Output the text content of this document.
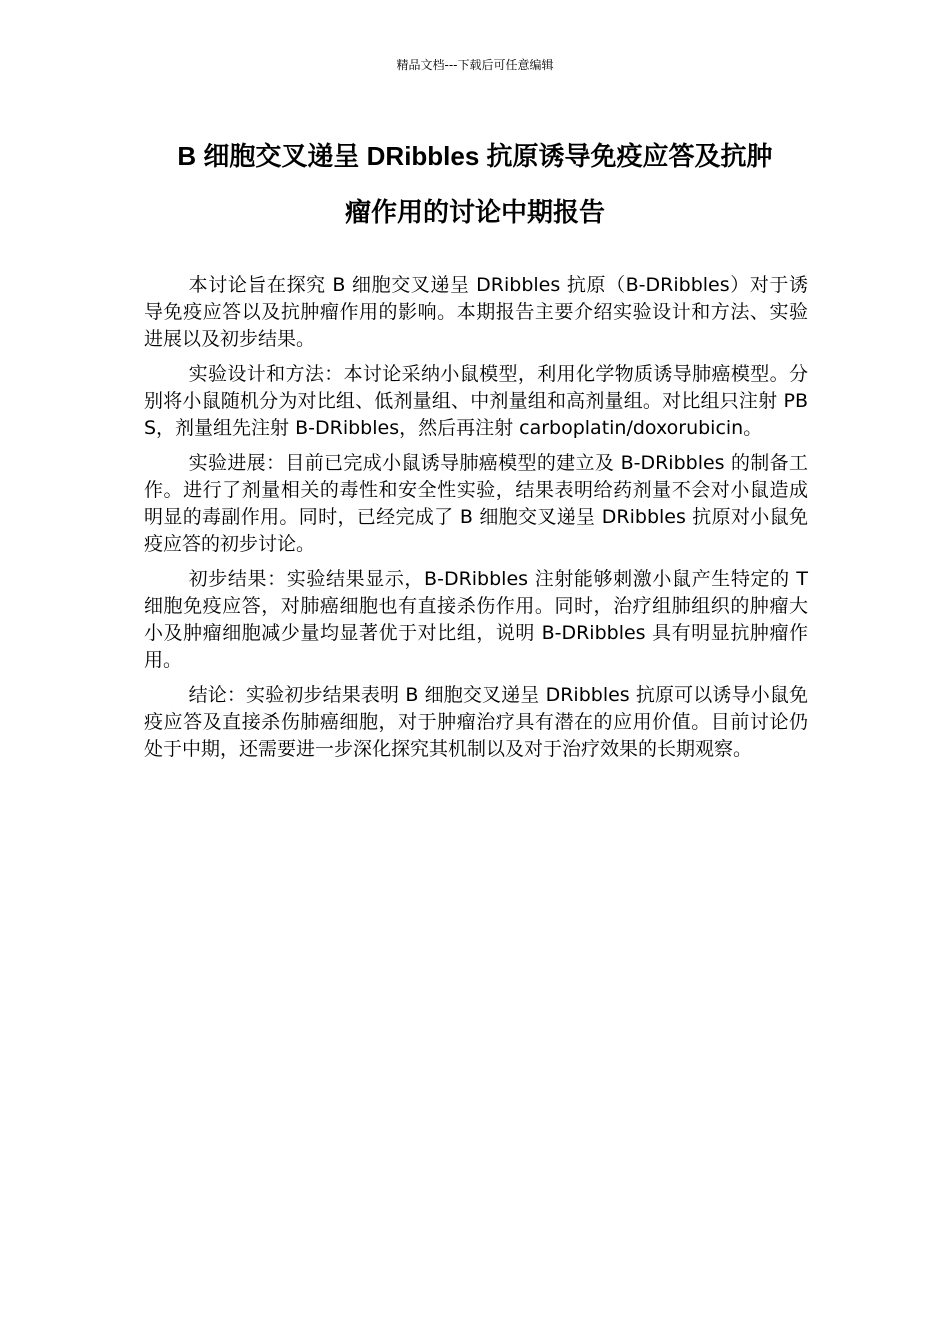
精品文档---下载后可任意编辑
B 细胞交叉递呈 DRibbles 抗原诱导免疫应答及抗肿
瘤作用的讨论中期报告

本讨论旨在探究 B 细胞交叉递呈 DRibbles 抗原（B-DRibbles）对于诱导免疫应答以及抗肿瘤作用的影响。本期报告主要介绍实验设计和方法、实验进展以及初步结果。

实验设计和方法：本讨论采纳小鼠模型，利用化学物质诱导肺癌模型。分别将小鼠随机分为对比组、低剂量组、中剂量组和高剂量组。对比组只注射 PBS，剂量组先注射 B-DRibbles，然后再注射 carboplatin/doxorubicin。

实验进展：目前已完成小鼠诱导肺癌模型的建立及 B-DRibbles 的制备工作。进行了剂量相关的毒性和安全性实验，结果表明给药剂量不会对小鼠造成明显的毒副作用。同时，已经完成了 B 细胞交叉递呈 DRibbles 抗原对小鼠免疫应答的初步讨论。

初步结果：实验结果显示，B-DRibbles 注射能够刺激小鼠产生特定的 T 细胞免疫应答，对肺癌细胞也有直接杀伤作用。同时，治疗组肺组织的肿瘤大小及肿瘤细胞减少量均显著优于对比组，说明 B-DRibbles 具有明显抗肿瘤作用。

结论：实验初步结果表明 B 细胞交叉递呈 DRibbles 抗原可以诱导小鼠免疫应答及直接杀伤肺癌细胞，对于肿瘤治疗具有潜在的应用价值。目前讨论仍处于中期，还需要进一步深化探究其机制以及对于治疗效果的长期观察。
